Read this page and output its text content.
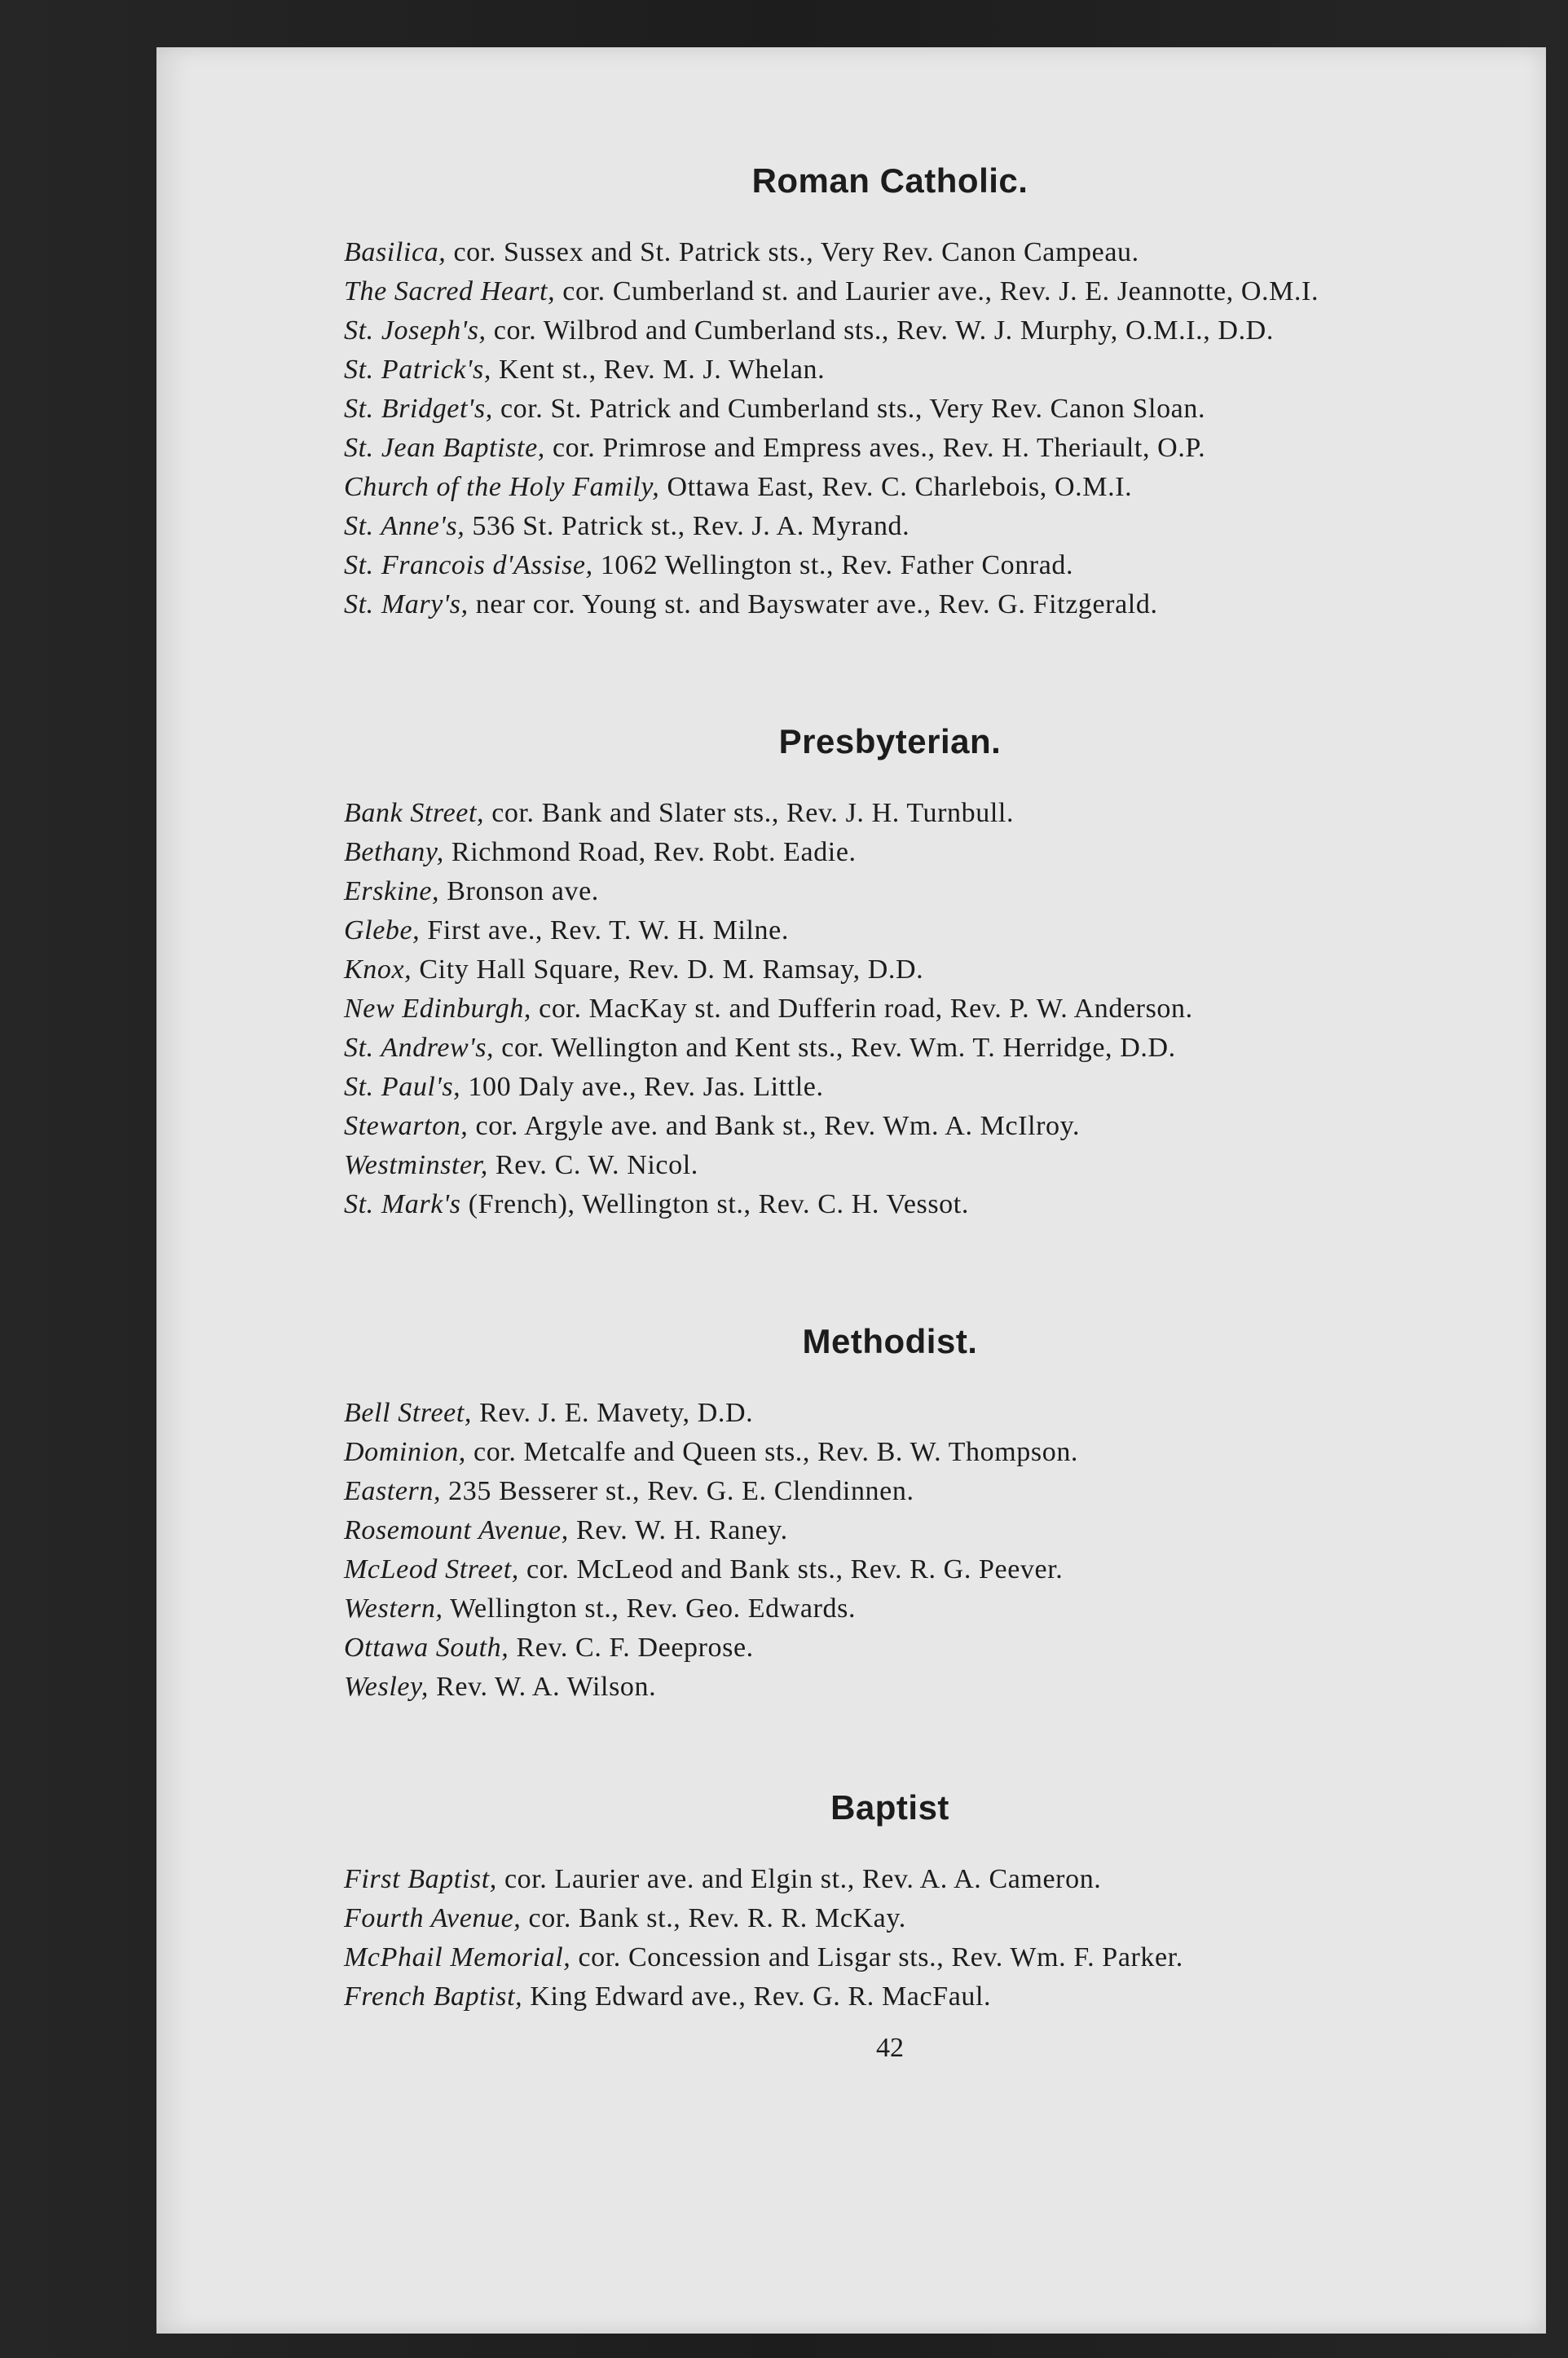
Roman Catholic.
Basilica, cor. Sussex and St. Patrick sts., Very Rev. Canon Campeau.
The Sacred Heart, cor. Cumberland st. and Laurier ave., Rev. J. E. Jeannotte, O.M.I.
St. Joseph's, cor. Wilbrod and Cumberland sts., Rev. W. J. Murphy, O.M.I., D.D.
St. Patrick's, Kent st., Rev. M. J. Whelan.
St. Bridget's, cor. St. Patrick and Cumberland sts., Very Rev. Canon Sloan.
St. Jean Baptiste, cor. Primrose and Empress aves., Rev. H. Theriault, O.P.
Church of the Holy Family, Ottawa East, Rev. C. Charlebois, O.M.I.
St. Anne's, 536 St. Patrick st., Rev. J. A. Myrand.
St. Francois d'Assise, 1062 Wellington st., Rev. Father Conrad.
St. Mary's, near cor. Young st. and Bayswater ave., Rev. G. Fitzgerald.
Presbyterian.
Bank Street, cor. Bank and Slater sts., Rev. J. H. Turnbull.
Bethany, Richmond Road, Rev. Robt. Eadie.
Erskine, Bronson ave.
Glebe, First ave., Rev. T. W. H. Milne.
Knox, City Hall Square, Rev. D. M. Ramsay, D.D.
New Edinburgh, cor. MacKay st. and Dufferin road, Rev. P. W. Anderson.
St. Andrew's, cor. Wellington and Kent sts., Rev. Wm. T. Herridge, D.D.
St. Paul's, 100 Daly ave., Rev. Jas. Little.
Stewarton, cor. Argyle ave. and Bank st., Rev. Wm. A. McIlroy.
Westminster, Rev. C. W. Nicol.
St. Mark's (French), Wellington st., Rev. C. H. Vessot.
Methodist.
Bell Street, Rev. J. E. Mavety, D.D.
Dominion, cor. Metcalfe and Queen sts., Rev. B. W. Thompson.
Eastern, 235 Besserer st., Rev. G. E. Clendinnen.
Rosemount Avenue, Rev. W. H. Raney.
McLeod Street, cor. McLeod and Bank sts., Rev. R. G. Peever.
Western, Wellington st., Rev. Geo. Edwards.
Ottawa South, Rev. C. F. Deeprose.
Wesley, Rev. W. A. Wilson.
Baptist
First Baptist, cor. Laurier ave. and Elgin st., Rev. A. A. Cameron.
Fourth Avenue, cor. Bank st., Rev. R. R. McKay.
McPhail Memorial, cor. Concession and Lisgar sts., Rev. Wm. F. Parker.
French Baptist, King Edward ave., Rev. G. R. MacFaul.
42
